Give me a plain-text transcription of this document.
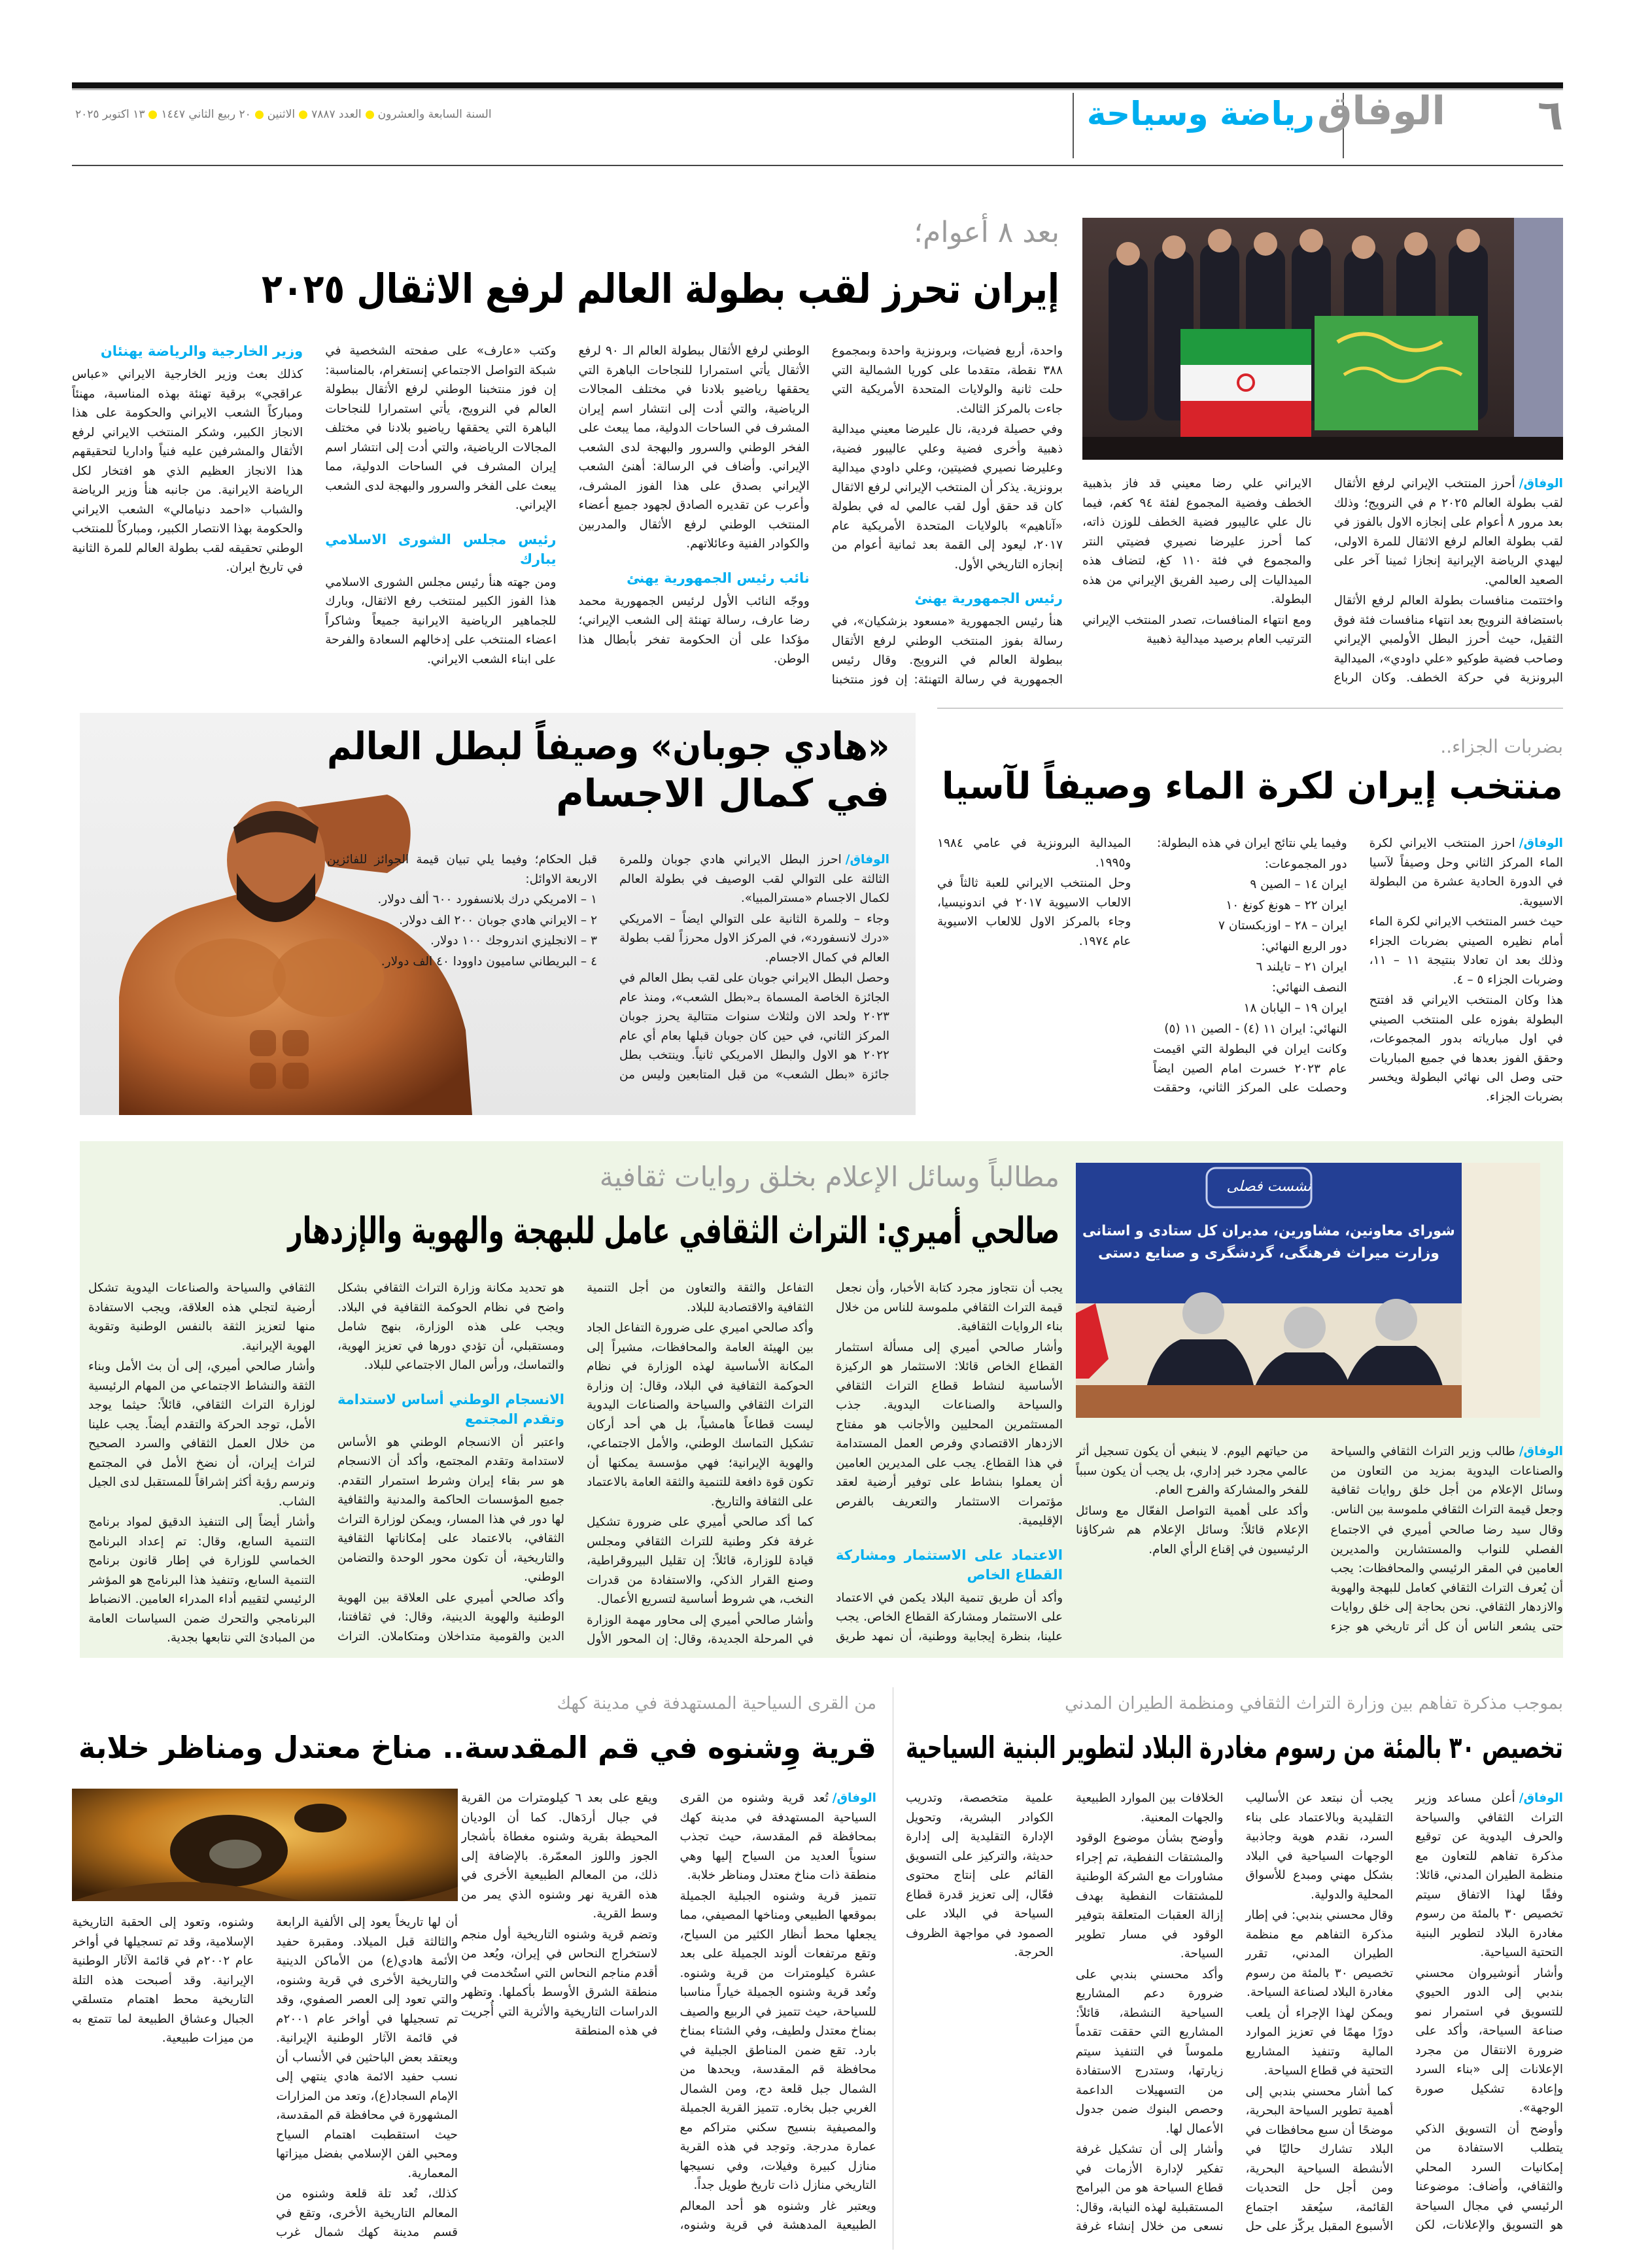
٦
الوفاق
رياضة وسياحة
السنة السابعة والعشرونالعدد ٧٨٨٧الاثنين٢٠ ربيع الثاني ١٤٤٧١٣ اكتوبر ٢٠٢٥
بعد ٨ أعوام؛
إيران تحرز لقب بطولة العالم لرفع الاثقال ٢٠٢٥

الوفاق/أحرز المنتخب الإيراني لرفع الأثقال لقب بطولة العالم ٢٠٢٥ م في النرويج؛ وذلك بعد مرور ٨ أعوام على إنجازه الاول بالفوز في لقب بطولة العالم لرفع الاثقال للمرة الاولى، ليهدي الرياضة الإيرانية إنجازا ثمينا آخر على الصعيد العالمي.

واختتمت منافسات بطولة العالم لرفع الأثقال باستضافة النرويج بعد انتهاء منافسات فئة فوق الثقيل، حيث أحرز البطل الأولمبي الإيراني وصاحب فضية طوكيو «علي داودي»، الميدالية البرونزية في حركة الخطف. وكان الرباع الايراني علي رضا معيني قد فاز بذهبية الخطف وفضية المجموع لفئة ٩٤ كغم، فيما نال علي عاليبور فضية الخطف للوزن ذاته، كما أحرز عليرضا نصيري فضيتي النتر والمجموع في فئة ١١٠ كغ، لتضاف هذه الميداليات إلى رصيد الفريق الإيراني من هذه البطولة.

ومع انتهاء المنافسات، تصدر المنتخب الإيراني الترتيب العام برصيد ميدالية ذهبية

واحدة، أربع فضيات، وبرونزية واحدة وبمجموع ٣٨٨ نقطة، متقدما على كوريا الشمالية التي حلت ثانية والولايات المتحدة الأمريكية التي جاءت بالمركز الثالث.

وفي حصيلة فردية، نال عليرضا معيني ميدالية ذهبية وأخرى فضية وعلي عاليبور فضية، وعليرضا نصيري فضيتين، وعلي داودي ميدالية برونزية. يذكر أن المنتخب الإيراني لرفع الاثقال كان قد حقق أول لقب عالمي له في بطولة «آناهيم» بالولايات المتحدة الأمريكية عام ٢٠١٧، ليعود إلى القمة بعد ثمانية أعوام من إنجازه التاريخي الأول.

رئيس الجمهورية يهنئ

هنأ رئيس الجمهورية «مسعود بزشكيان»، في رسالة بفوز المنتخب الوطني لرفع الأثقال ببطولة العالم في النرويج. وقال رئيس الجمهورية في رسالة التهنئة: إن فوز منتخبنا الوطني لرفع الأثقال ببطولة العالم الـ ٩٠ لرفع الأثقال يأتي استمرارا للنجاحات الباهرة التي يحققها رياضيو بلادنا في مختلف المجالات الرياضية، والتي أدت إلى انتشار اسم إيران المشرف في الساحات الدولية، مما يبعث على الفخر الوطني والسرور والبهجة لدى الشعب الإيراني. وأضاف في الرسالة: أهنئ الشعب الإيراني بصدق على هذا الفوز المشرف، وأعرب عن تقديره الصادق لجهود جميع أعضاء المنتخب الوطني لرفع الأثقال والمدربين والكوادر الفنية وعائلاتهم.

نائب رئيس الجمهورية يهنئ

ووجّه النائب الأول لرئيس الجمهورية محمد رضا عارف، رسالة تهنئة إلى الشعب الإيراني؛ مؤكدا على أن الحكومة تفخر بأبطال هذا الوطن.

وكتب «عارف» على صفحته الشخصية في شبكة التواصل الاجتماعي إنستغرام، بالمناسبة: إن فوز منتخبنا الوطني لرفع الأثقال ببطولة العالم في النرويج، يأتي استمرارا للنجاحات الباهرة التي يحققها رياضيو بلادنا في مختلف المجالات الرياضية، والتي أدت إلى انتشار اسم إيران المشرف في الساحات الدولية، مما يبعث على الفخر والسرور والبهجة لدى الشعب الإيراني.

رئيس مجلس الشورى الاسلامي يبارك

ومن جهته هنأ رئيس مجلس الشورى الاسلامي هذا الفوز الكبير لمنتخب رفع الاثقال، وبارك للجماهير الرياضية الايرانية جميعاً وشاكراً اعضاء المنتخب على إدخالهم السعادة والفرحة على ابناء الشعب الايراني.

وزير الخارجية والرياضة يهنئان

كذلك بعث وزير الخارجية الايراني «عباس عراقجي» برقية تهنئة بهذه المناسبة، مهنئاً ومباركاً الشعب الايراني والحكومة على هذا الانجاز الكبير، وشكر المنتخب الايراني لرفع الأثقال والمشرفين عليه فنياً واداريا لتحقيقهم هذا الانجاز العظيم الذي هو افتخار لكل الرياضة الايرانية. من جانبه هنأ وزير الرياضة والشباب «احمد دنيامالي» الشعب الايراني والحكومة بهذا الانتصار الكبير، ومباركاً للمنتخب الوطني تحقيقه لقب بطولة العالم للمرة الثانية في تاريخ ايران.

بضربات الجزاء..
منتخب إيران لكرة الماء وصيفاً لآسيا

الوفاق/احرز المنتخب الايراني لكرة الماء المركز الثاني وحل وصيفاً لآسيا في الدورة الحادية عشرة من البطولة الاسيوية.

حيث خسر المنتخب الايراني لكرة الماء أمام نظيره الصيني بضربات الجزاء وذلك بعد ان تعادلا بنتيجة ١١ – ١١، وضربات الجزاء ٥ – ٤.

هذا وكان المنتخب الايراني قد افتتح البطولة بفوزه على المنتخب الصيني في اول مبارياته بدور المجموعات، وحقق الفوز بعدها في جميع المباريات حتى وصل الى نهائي البطولة ويخسر بضربات الجزاء.

وفيما يلي نتائج ايران في هذه البطولة:

دور المجموعات:

ايران ١٤ – الصين ٩

ايران ٢٢ – هونغ كونغ ١٠

ايران – ٢٨ – اوزبكستان ٧

دور الربع النهائي:

ايران ٢١ – تايلند ٦

النصف النهائي:

ايران ١٩ – اليابان ١٨

النهائي: ايران ١١ (٤) - الصين ١١ (٥)

وكانت ايران في البطولة التي اقيمت عام ٢٠٢٣ خسرت امام الصين ايضاً وحصلت على المركز الثاني، وحققت الميدالية البرونزية في عامي ١٩٨٤ و١٩٩٥.

وحل المنتخب الايراني للعبة ثالثاً في الالعاب الاسيوية ٢٠١٧ في اندونيسيا، وجاء بالمركز الاول للالعاب الاسيوية عام ١٩٧٤.

«هادي جوبان» وصيفاً لبطل العالم
في كمال الاجسام

الوفاق/احرز البطل الايراني هادي جوبان وللمرة الثالثة على التوالي لقب الوصيف في بطولة العالم لكمال الاجسام «مسترالمبيا».

وجاء – وللمرة الثانية على التوالي ايضاً – الامريكي «درك لانسفورد»، في المركز الاول محرزاً لقب بطولة العالم في كمال الاجسام.

وحصل البطل الايراني جوبان على لقب بطل العالم في الجائزة الخاصة المسماة بـ«بطل الشعب»، ومنذ عام ٢٠٢٣ ولحد الان ولثلاث سنوات متتالية يحرز جوبان المركز الثاني، في حين كان جوبان قبلها بعام أي عام ٢٠٢٢ هو الاول والبطل الامريكي ثانياً. وينتخب بطل جائزة «بطل الشعب» من قبل المتابعين وليس من قبل الحكام؛ وفيما يلي تبيان قيمة الجوائز للفائزين الاربعة الاوائل:

١ – الامريكي درك بلانسفورد ٦٠٠ ألف دولار.

٢ – الايراني هادي جوبان ٢٠٠ الف دولار.

٣ – الانجليزي اندروجك ١٠٠ دولار.

٤ – البريطاني ساميون داوودا ٤٠ الف دولار.

نشست فصلی
شورای معاونین، مشاورین، مدیران کل ستادی و استانی
وزارت میراث فرهنگی، گردشگری و صنایع دستی
مطالباً وسائل الإعلام بخلق روايات ثقافية
صالحي أميري: التراث الثقافي عامل للبهجة والهوية والإزدهار

الوفاق/طالب وزير التراث الثقافي والسياحة والصناعات اليدوية بمزيد من التعاون من وسائل الإعلام من أجل خلق روايات ثقافية وجعل قيمة التراث الثقافي ملموسة بين الناس.

وقال سيد رضا صالحي أميري في الاجتماع الفصلي للنواب والمستشارين والمديرين العامين في المقر الرئيسي والمحافظات: يجب أن يُعرف التراث الثقافي كعامل للبهجة والهوية والازدهار الثقافي. نحن بحاجة إلى خلق روايات حتى يشعر الناس أن كل أثر تاريخي هو جزء من حياتهم اليوم. لا ينبغي أن يكون تسجيل أثر عالمي مجرد خبر إداري، بل يجب أن يكون سبباً للفخر والمشاركة والفرح العام.

وأكد على أهمية التواصل الفعّال مع وسائل الإعلام قائلاً: وسائل الإعلام هم شركاؤنا الرئيسيون في إقناع الرأي العام.

يجب أن نتجاوز مجرد كتابة الأخبار، وأن نجعل قيمة التراث الثقافي ملموسة للناس من خلال بناء الروايات الثقافية.

وأشار صالحي أميري إلى مسألة استثمار القطاع الخاص قائلا: الاستثمار هو الركيزة الأساسية لنشاط قطاع التراث الثقافي والسياحة والصناعات اليدوية. جذب المستثمرين المحليين والأجانب هو مفتاح الازدهار الاقتصادي وفرص العمل المستدامة في هذا القطاع. يجب على المديرين العامين أن يعملوا بنشاط على توفير أرضية لعقد مؤتمرات الاستثمار والتعريف بالفرص الإقليمية.

الاعتماد على الاستثمار ومشاركة القطاع الخاص

وأكد أن طريق تنمية البلاد يكمن في الاعتماد على الاستثمار ومشاركة القطاع الخاص. يجب علينا، بنظرة إيجابية ووطنية، أن نمهد طريق التفاعل والثقة والتعاون من أجل التنمية الثقافية والاقتصادية للبلاد.

وأكد صالحي اميري على ضرورة التفاعل الجاد بين الهيئة العامة والمحافظات، مشيراً إلى المكانة الأساسية لهذه الوزارة في نظام الحوكمة الثقافية في البلاد، وقال: إن وزارة التراث الثقافي والسياحة والصناعات اليدوية ليست قطاعاً هامشياً، بل هي أحد أركان تشكيل التماسك الوطني، والأمل الاجتماعي، والهوية الإيرانية؛ فهي مؤسسة يمكنها أن تكون قوة دافعة للتنمية والثقة العامة بالاعتماد على الثقافة والتاريخ.

كما أكد صالحي أميري على ضرورة تشكيل غرفة فكر وطنية للتراث الثقافي ومجلس قيادة للوزارة، قائلاً: إن تقليل البيروقراطية، وصنع القرار الذكي، والاستفادة من قدرات النخب، هي شروط أساسية لتسريع الأعمال.

وأشار صالحي أميري إلى محاور مهمة الوزارة في المرحلة الجديدة، وقال: إن المحور الأول هو تحديد مكانة وزارة التراث الثقافي بشكل واضح في نظام الحوكمة الثقافية في البلاد. ويجب على هذه الوزارة، بنهج شامل ومستقبلي، أن تؤدي دورها في تعزيز الهوية، والتماسك، ورأس المال الاجتماعي للبلاد.

الانسجام الوطني أساس لاستدامة وتقدم المجتمع

واعتبر أن الانسجام الوطني هو الأساس لاستدامة وتقدم المجتمع، وأكد أن الانسجام هو سر بقاء إيران وشرط استمرار التقدم. جميع المؤسسات الحاكمة والمدنية والثقافية لها دور في هذا المسار، ويمكن لوزارة التراث الثقافي، بالاعتماد على إمكاناتها الثقافية والتاريخية، أن تكون محور الوحدة والتضامن الوطني.

وأكد صالحي أميري على العلاقة بين الهوية الوطنية والهوية الدينية، وقال: في ثقافتنا، الدين والقومية متداخلان ومتكاملان. التراث الثقافي والسياحة والصناعات اليدوية تشكل أرضية لتجلي هذه العلاقة، ويجب الاستفادة منها لتعزيز الثقة بالنفس الوطنية وتقوية الهوية الإيرانية.

وأشار صالحي أميري، إلى أن بث الأمل وبناء الثقة والنشاط الاجتماعي من المهام الرئيسية لوزارة التراث الثقافي، قائلاً: حيثما يوجد الأمل، توجد الحركة والتقدم أيضاً. يجب علينا من خلال العمل الثقافي والسرد الصحيح لتراث إيران، أن نضخ الأمل في المجتمع ونرسم رؤية أكثر إشراقاً للمستقبل لدى الجيل الشاب.

وأشار أيضاً إلى التنفيذ الدقيق لمواد برنامج التنمية السابع، وقال: تم إعداد البرنامج الخماسي للوزارة في إطار قانون برنامج التنمية السابع، وتنفيذ هذا البرنامج هو المؤشر الرئيسي لتقييم أداء المدراء العامين. الانضباط البرنامجي والتحرك ضمن السياسات العامة من المبادئ التي نتابعها بجدية.

بموجب مذكرة تفاهم بين وزارة التراث الثقافي ومنظمة الطيران المدني
تخصيص ٣٠ بالمئة من رسوم مغادرة البلاد لتطوير البنية السياحية

الوفاق/أعلن مساعد وزير التراث الثقافي والسياحة والحرف اليدوية عن توقيع مذكرة تفاهم للتعاون مع منظمة الطيران المدني، قائلا: وفقًا لهذا الاتفاق سيتم تخصيص ٣٠ بالمئة من رسوم مغادرة البلاد لتطوير البنية التحتية السياحية.

وأشار أنوشيروان محسني بندبي إلى الدور الحيوي للتسويق في استمرار نمو صناعة السياحة، وأكد على ضرورة الانتقال من مجرد الإعلانات إلى «بناء السرد وإعادة تشكيل صورة الوجهة».

وأوضح أن التسويق الذكي يتطلب الاستفادة من إمكانيات السرد المحلي والثقافي، وأضاف: موضوعنا الرئيسي في مجال السياحة هو التسويق والإعلانات، لكن يجب أن نبتعد عن الأساليب التقليدية وبالاعتماد على بناء السرد، نقدم هوية وجاذبية الوجهات السياحية في البلاد بشكل مهني ومبدع للأسواق المحلية والدولية.

وقال محسني بندبي: في إطار مذكرة التفاهم مع منظمة الطيران المدني، تقرر تخصيص ٣٠ بالمئة من رسوم مغادرة البلاد لصناعة السياحة.

ويمكن لهذا الإجراء أن يلعب دورًا مهمًا في تعزيز الموارد المالية وتنفيذ المشاريع التحتية في قطاع السياحة.

كما أشار محسني بندبي إلى أهمية تطوير السياحة البحرية، موضحًا أن سبع محافظات في البلاد تشارك حاليًا في الأنشطة السياحية البحرية، ومن أجل حل التحديات القائمة، سيُعقد اجتماع الأسبوع المقبل يركّز على حل الخلافات بين الموارد الطبيعية والجهات المعنية.

وأوضح بشأن موضوع الوقود والمشتقات النفطية، تم إجراء مشاورات مع الشركة الوطنية للمشتقات النفطية بهدف إزالة العقبات المتعلقة بتوفير الوقود في مسار تطوير السياحة.

وأكد محسني بندبي على ضرورة دعم المشاريع السياحية النشطة، قائلاً: المشاريع التي حققت تقدماً ملموساً في التنفيذ سيتم زيارتها، وستدرج الاستفادة من التسهيلات الداعمة وحصص البنوك ضمن جدول الأعمال لها.

وأشار إلى أن تشكيل غرفة تفكير لإدارة الأزمات في قطاع السياحة هو من البرامج المستقبلية لهذه النيابة، وقال: نسعى من خلال إنشاء غرفة علمية متخصصة، وتدريب الكوادر البشرية، وتحويل الإدارة التقليدية إلى إدارة حديثة، والتركيز على التسويق القائم على إنتاج محتوى فعّال، إلى تعزيز قدرة قطاع السياحة في البلاد على الصمود في مواجهة الظروف الحرجة.

من القرى السياحية المستهدفة في مدينة كهك
قرية وِشنوه في قم المقدسة.. مناخ معتدل ومناظر خلابة

الوفاق/تُعد قرية وشنوه من القرى السياحية المستهدفة في مدينة كهك بمحافظة قم المقدسة، حيث تجذب سنوياً العديد من السياح إليها وهي منطقة ذات مناخ معتدل ومناظر خلابة.

تتميز قرية وشنوه الجبلية الجميلة بموقعها الطبيعي ومناخها المصيفي، مما يجعلها محط أنظار الكثير من السياح، وتقع مرتفعات ألوند الجميلة على بعد عشرة كيلومترات من قرية وشنوه. وتُعد قرية وشنوه الجميلة خياراً مناسبا للسياحة، حيث تتميز في الربيع والصيف بمناخ معتدل ولطيف، وفي الشتاء بمناخ بارد. تقع ضمن المناطق الجبلية في محافظة قم المقدسة، ويحدها من الشمال جبل قلعة دج، ومن الشمال الغربي جبل بخاره. تتميز القرية الجميلة والمصيفية بنسيج سكني متراكم مع عمارة مدرجة. وتوجد في هذه القرية منازل كبيرة وفيلات، وفي نسيجها التاريخي منازل ذات تاريخ طويل جداً.

ويعتبر غار وشنوه هو أحد المعالم الطبيعية المدهشة في قرية وشنوه، ويقع على بعد ٦ كيلومترات من القرية في جبال أردَهال. كما أن الوديان المحيطة بقرية وشنوه مغطاة بأشجار الجوز واللوز المعمّرة. بالإضافة إلى ذلك، من المعالم الطبيعية الأخرى في هذه القرية نهر وشنوه الذي يمر من وسط القرية.

وتضم قرية وشنوه التاريخية أول منجم لاستخراج النحاس في إيران، ويُعد من أقدم مناجم النحاس التي استُخدمت في منطقة الشرق الأوسط بأكملها. وتظهر الدراسات التاريخية والأثرية التي أُجريت في هذه المنطقة

أن لها تاريخاً يعود إلى الألفية الرابعة والثالثة قبل الميلاد. ومقبرة حفيد الأئمة هادي(ع) من الأماكن الدينية والتاريخية الأخرى في قرية وشنوه، والتي تعود إلى العصر الصفوي، وقد تم تسجيلها في أواخر عام ٢٠٠١م في قائمة الآثار الوطنية الإيرانية. ويعتقد بعض الباحثين في الأنساب أن نسب حفيد الائمة هادي ينتهي إلى الإمام السجاد(ع)، وتعد من المزارات المشهورة في محافظة قم المقدسة، حيث استقطبت اهتمام السياح ومحبي الفن الإسلامي بفضل ميزاتها المعمارية.

كذلك، تُعد تلة قلعة وشنوه من المعالم التاريخية الأخرى، وتقع في قسم مدينة كهك شمال غرب وشنوه، وتعود إلى الحقبة التاريخية الإسلامية، وقد تم تسجيلها في أواخر عام ٢٠٠٢م في قائمة الآثار الوطنية الإيرانية. وقد أصبحت هذه التلة التاريخية محط اهتمام متسلقي الجبال وعشاق الطبيعة لما تتمتع به من ميزات طبيعية.
